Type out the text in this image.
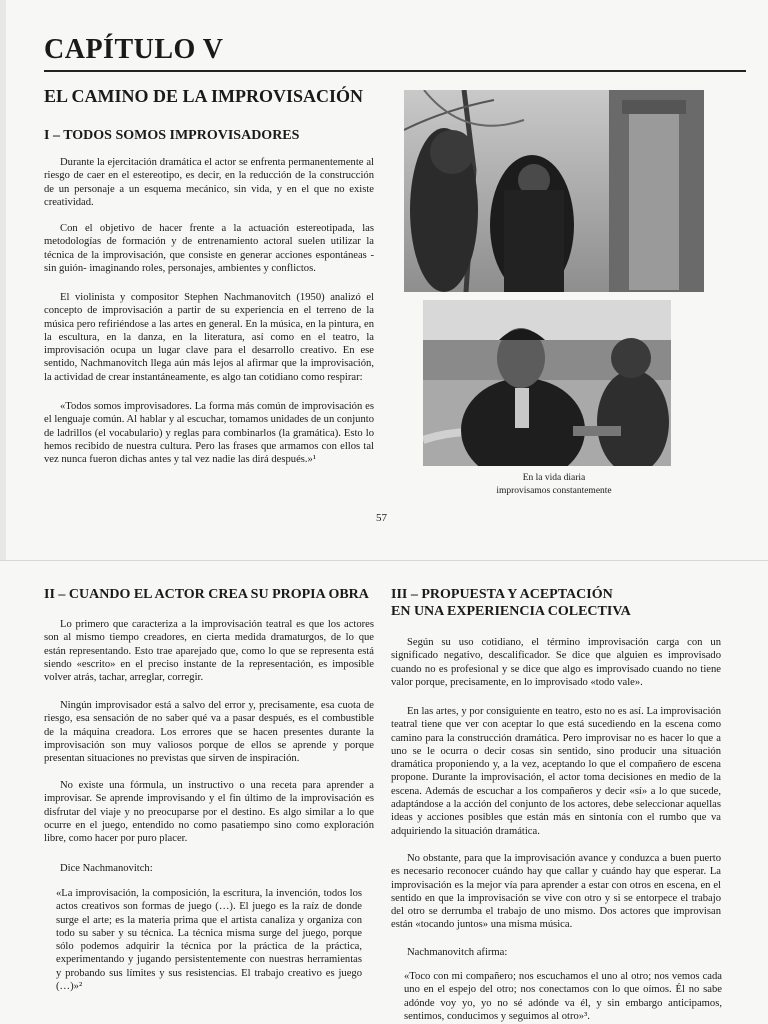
CAPÍTULO V
EL CAMINO DE LA IMPROVISACIÓN
I – TODOS SOMOS IMPROVISADORES
Durante la ejercitación dramática el actor se enfrenta permanentemente al riesgo de caer en el estereotipo, es decir, en la reducción de la construcción de un personaje a un esquema mecánico, sin vida, y en el que no existe creatividad.
Con el objetivo de hacer frente a la actuación estereotipada, las metodologías de formación y de entrenamiento actoral suelen utilizar la técnica de la improvisación, que consiste en generar acciones espontáneas -sin guión- imaginando roles, personajes, ambientes y conflictos.
El violinista y compositor Stephen Nachmanovitch (1950) analizó el concepto de improvisación a partir de su experiencia en el terreno de la música pero refiriéndose a las artes en general. En la música, en la pintura, en la escultura, en la danza, en la literatura, así como en el teatro, la improvisación ocupa un lugar clave para el desarrollo creativo. En ese sentido, Nachmanovitch llega aún más lejos al afirmar que la improvisación, la actividad de crear instantáneamente, es algo tan cotidiano como respirar:
«Todos somos improvisadores. La forma más común de improvisación es el lenguaje común. Al hablar y al escuchar, tomamos unidades de un conjunto de ladrillos (el vocabulario) y reglas para combinarlos (la gramática). Esto lo hemos recibido de nuestra cultura. Pero las frases que armamos con ellos tal vez nunca fueron dichas antes y tal vez nadie las dirá después.»¹
En la vida diaria
improvisamos constantemente
57
II – CUANDO EL ACTOR CREA SU PROPIA OBRA
Lo primero que caracteriza a la improvisación teatral es que los actores son al mismo tiempo creadores, en cierta medida dramaturgos, de lo que están representando. Esto trae aparejado que, como lo que se representa está siendo «escrito» en el preciso instante de la representación, es imposible volver atrás, tachar, arreglar, corregir.
Ningún improvisador está a salvo del error y, precisamente, esa cuota de riesgo, esa sensación de no saber qué va a pasar después, es el combustible de la máquina creadora. Los errores que se hacen presentes durante la improvisación son muy valiosos porque de ellos se aprende y porque presentan situaciones no previstas que sirven de inspiración.
No existe una fórmula, un instructivo o una receta para aprender a improvisar. Se aprende improvisando y el fin último de la improvisación es disfrutar del viaje y no preocuparse por el destino. Es algo similar a lo que ocurre en el juego, entendido no como pasatiempo sino como exploración libre, como hacer por puro placer.
Dice Nachmanovitch:
«La improvisación, la composición, la escritura, la invención, todos los actos creativos son formas de juego (…). El juego es la raíz de donde surge el arte; es la materia prima que el artista canaliza y organiza con todo su saber y su técnica. La técnica misma surge del juego, porque sólo podemos adquirir la técnica por la práctica de la práctica, experimentando y jugando persistentemente con nuestras herramientas y probando sus límites y sus resistencias. El trabajo creativo es juego (…)»²
III – PROPUESTA Y ACEPTACIÓN
EN UNA EXPERIENCIA COLECTIVA
Según su uso cotidiano, el término improvisación carga con un significado negativo, descalificador. Se dice que alguien es improvisado cuando no es profesional y se dice que algo es improvisado cuando no tiene valor porque, precisamente, en lo improvisado «todo vale».
En las artes, y por consiguiente en teatro, esto no es así. La improvisación teatral tiene que ver con aceptar lo que está sucediendo en la escena como camino para la construcción dramática. Pero improvisar no es hacer lo que a uno se le ocurra o decir cosas sin sentido, sino producir una situación dramática proponiendo y, a la vez, aceptando lo que el compañero de escena propone. Durante la improvisación, el actor toma decisiones en medio de la escena. Además de escuchar a los compañeros y decir «sí» a lo que sucede, adaptándose a la acción del conjunto de los actores, debe seleccionar aquellas ideas y acciones posibles que están más en sintonía con el rumbo que va adquiriendo la situación dramática.
No obstante, para que la improvisación avance y conduzca a buen puerto es necesario reconocer cuándo hay que callar y cuándo hay que esperar. La improvisación es la mejor vía para aprender a estar con otros en escena, en el sentido en que la improvisación se vive con otro y si se entorpece el trabajo del otro se derrumba el trabajo de uno mismo. Dos actores que improvisan están «tocando juntos» una misma música.
Nachmanovitch afirma:
«Toco con mi compañero; nos escuchamos el uno al otro; nos vemos cada uno en el espejo del otro; nos conectamos con lo que oímos. Él no sabe adónde voy yo, yo no sé adónde va él, y sin embargo anticipamos, sentimos, conducimos y seguimos al otro»³.
